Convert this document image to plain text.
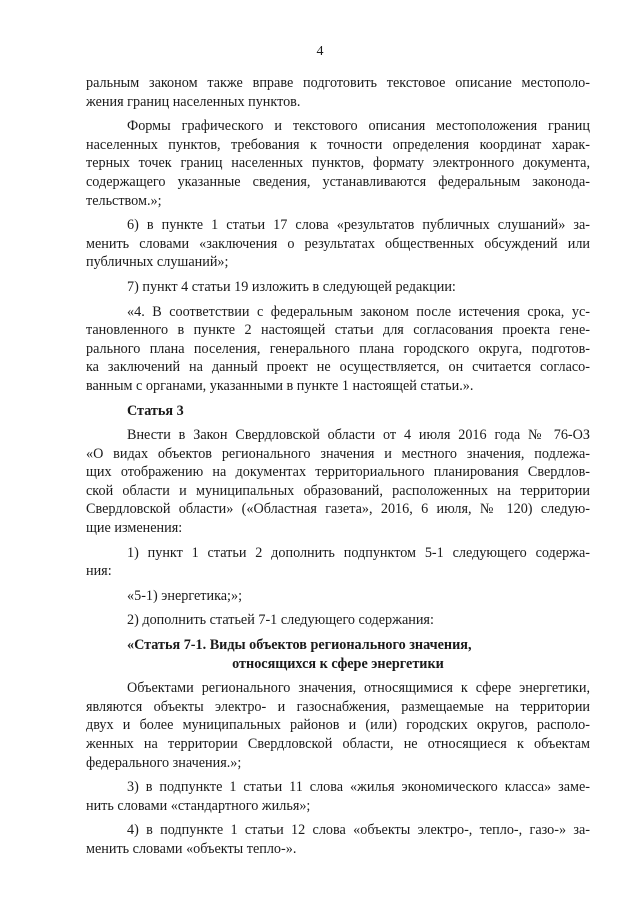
4
ральным законом также вправе подготовить текстовое описание местополо-
жения границ населенных пунктов.
Формы графического и текстового описания местоположения границ
населенных пунктов, требования к точности определения координат харак-
терных точек границ населенных пунктов, формату электронного документа,
содержащего указанные сведения, устанавливаются федеральным законода-
тельством.»;
6) в пункте 1 статьи 17 слова «результатов публичных слушаний» за-
менить словами «заключения о результатах общественных обсуждений или
публичных слушаний»;
7) пункт 4 статьи 19 изложить в следующей редакции:
«4. В соответствии с федеральным законом после истечения срока, ус-
тановленного в пункте 2 настоящей статьи для согласования проекта гене-
рального плана поселения, генерального плана городского округа, подготов-
ка заключений на данный проект не осуществляется, он считается согласо-
ванным с органами, указанными в пункте 1 настоящей статьи.».
Статья 3
Внести в Закон Свердловской области от 4 июля 2016 года № 76-ОЗ
«О видах объектов регионального значения и местного значения, подлежа-
щих отображению на документах территориального планирования Свердлов-
ской области и муниципальных образований, расположенных на территории
Свердловской области» («Областная газета», 2016, 6 июля, № 120) следую-
щие изменения:
1) пункт 1 статьи 2 дополнить подпунктом 5-1 следующего содержа-
ния:
«5-1) энергетика;»;
2) дополнить статьей 7-1 следующего содержания:
«Статья 7-1. Виды объектов регионального значения,
относящихся к сфере энергетики
Объектами регионального значения, относящимися к сфере энергетики,
являются объекты электро- и газоснабжения, размещаемые на территории
двух и более муниципальных районов и (или) городских округов, располо-
женных на территории Свердловской области, не относящиеся к объектам
федерального значения.»;
3) в подпункте 1 статьи 11 слова «жилья экономического класса» заме-
нить словами «стандартного жилья»;
4) в подпункте 1 статьи 12 слова «объекты электро-, тепло-, газо-» за-
менить словами «объекты тепло-».
